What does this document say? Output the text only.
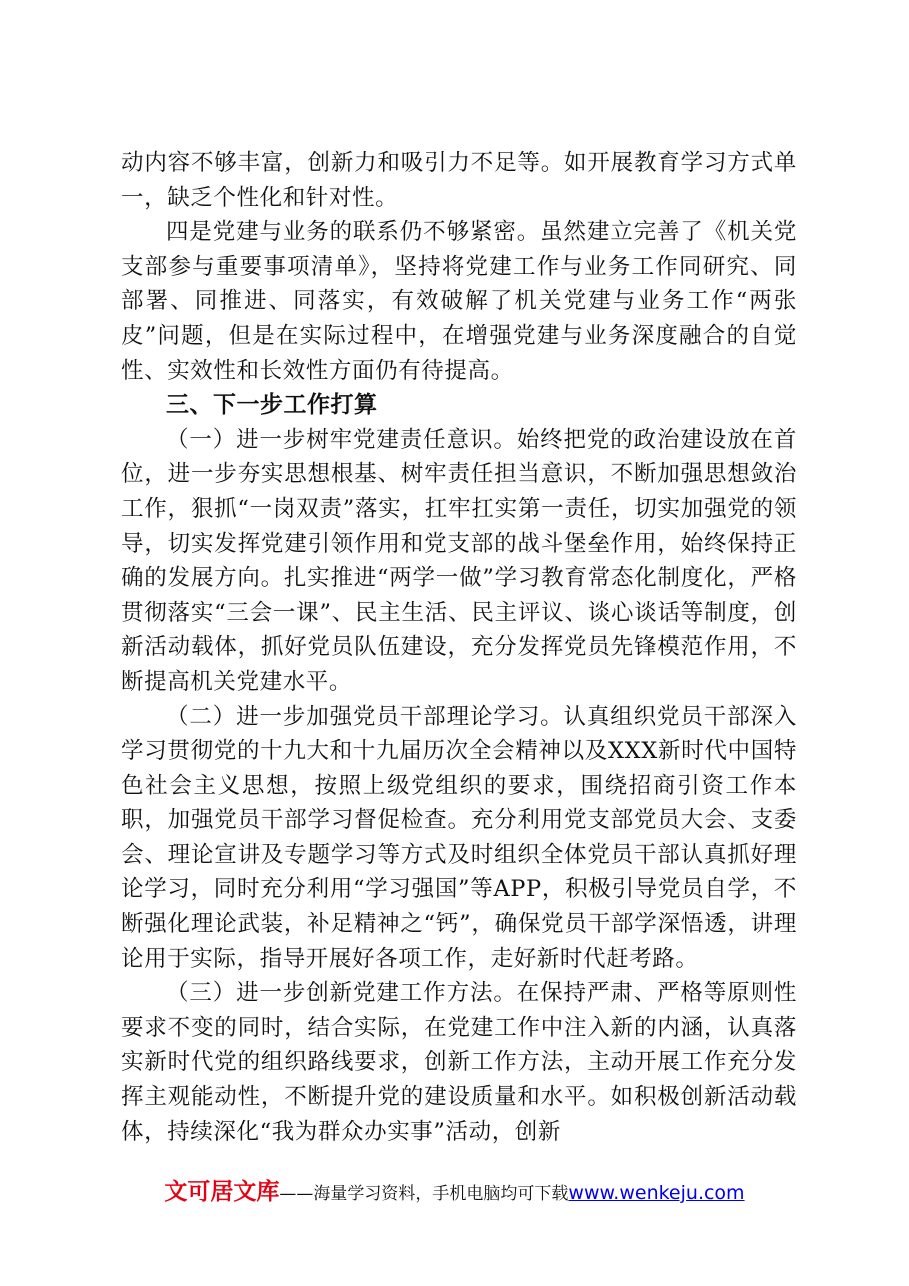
动内容不够丰富，创新力和吸引力不足等。如开展教育学习方式单一，缺乏个性化和针对性。

四是党建与业务的联系仍不够紧密。虽然建立完善了《机关党支部参与重要事项清单》，坚持将党建工作与业务工作同研究、同部署、同推进、同落实，有效破解了机关党建与业务工作“两张皮”问题，但是在实际过程中，在增强党建与业务深度融合的自觉性、实效性和长效性方面仍有待提高。

三、下一步工作打算

（一）进一步树牢党建责任意识。始终把党的政治建设放在首位，进一步夯实思想根基、树牢责任担当意识，不断加强思想敛治工作，狠抓“一岗双责”落实，扛牢扛实第一责任，切实加强党的领导，切实发挥党建引领作用和党支部的战斗堡垒作用，始终保持正确的发展方向。扎实推进“两学一做”学习教育常态化制度化，严格贯彻落实“三会一课”、民主生活、民主评议、谈心谈话等制度，创新活动载体，抓好党员队伍建设，充分发挥党员先锋模范作用，不断提高机关党建水平。

（二）进一步加强党员干部理论学习。认真组织党员干部深入学习贯彻党的十九大和十九届历次全会精神以及XXX新时代中国特色社会主义思想，按照上级党组织的要求，围绕招商引资工作本职，加强党员干部学习督促检查。充分利用党支部党员大会、支委会、理论宣讲及专题学习等方式及时组织全体党员干部认真抓好理论学习，同时充分利用“学习强国”等APP，积极引导党员自学，不断强化理论武装，补足精神之“钙”，确保党员干部学深悟透，讲理论用于实际，指导开展好各项工作，走好新时代赶考路。

（三）进一步创新党建工作方法。在保持严肃、严格等原则性要求不变的同时，结合实际，在党建工作中注入新的内涵，认真落实新时代党的组织路线要求，创新工作方法，主动开展工作充分发挥主观能动性，不断提升党的建设质量和水平。如积极创新活动载体，持续深化“我为群众办实事”活动，创新

文可居文库——海量学习资料，手机电脑均可下载www.wenkeju.com
